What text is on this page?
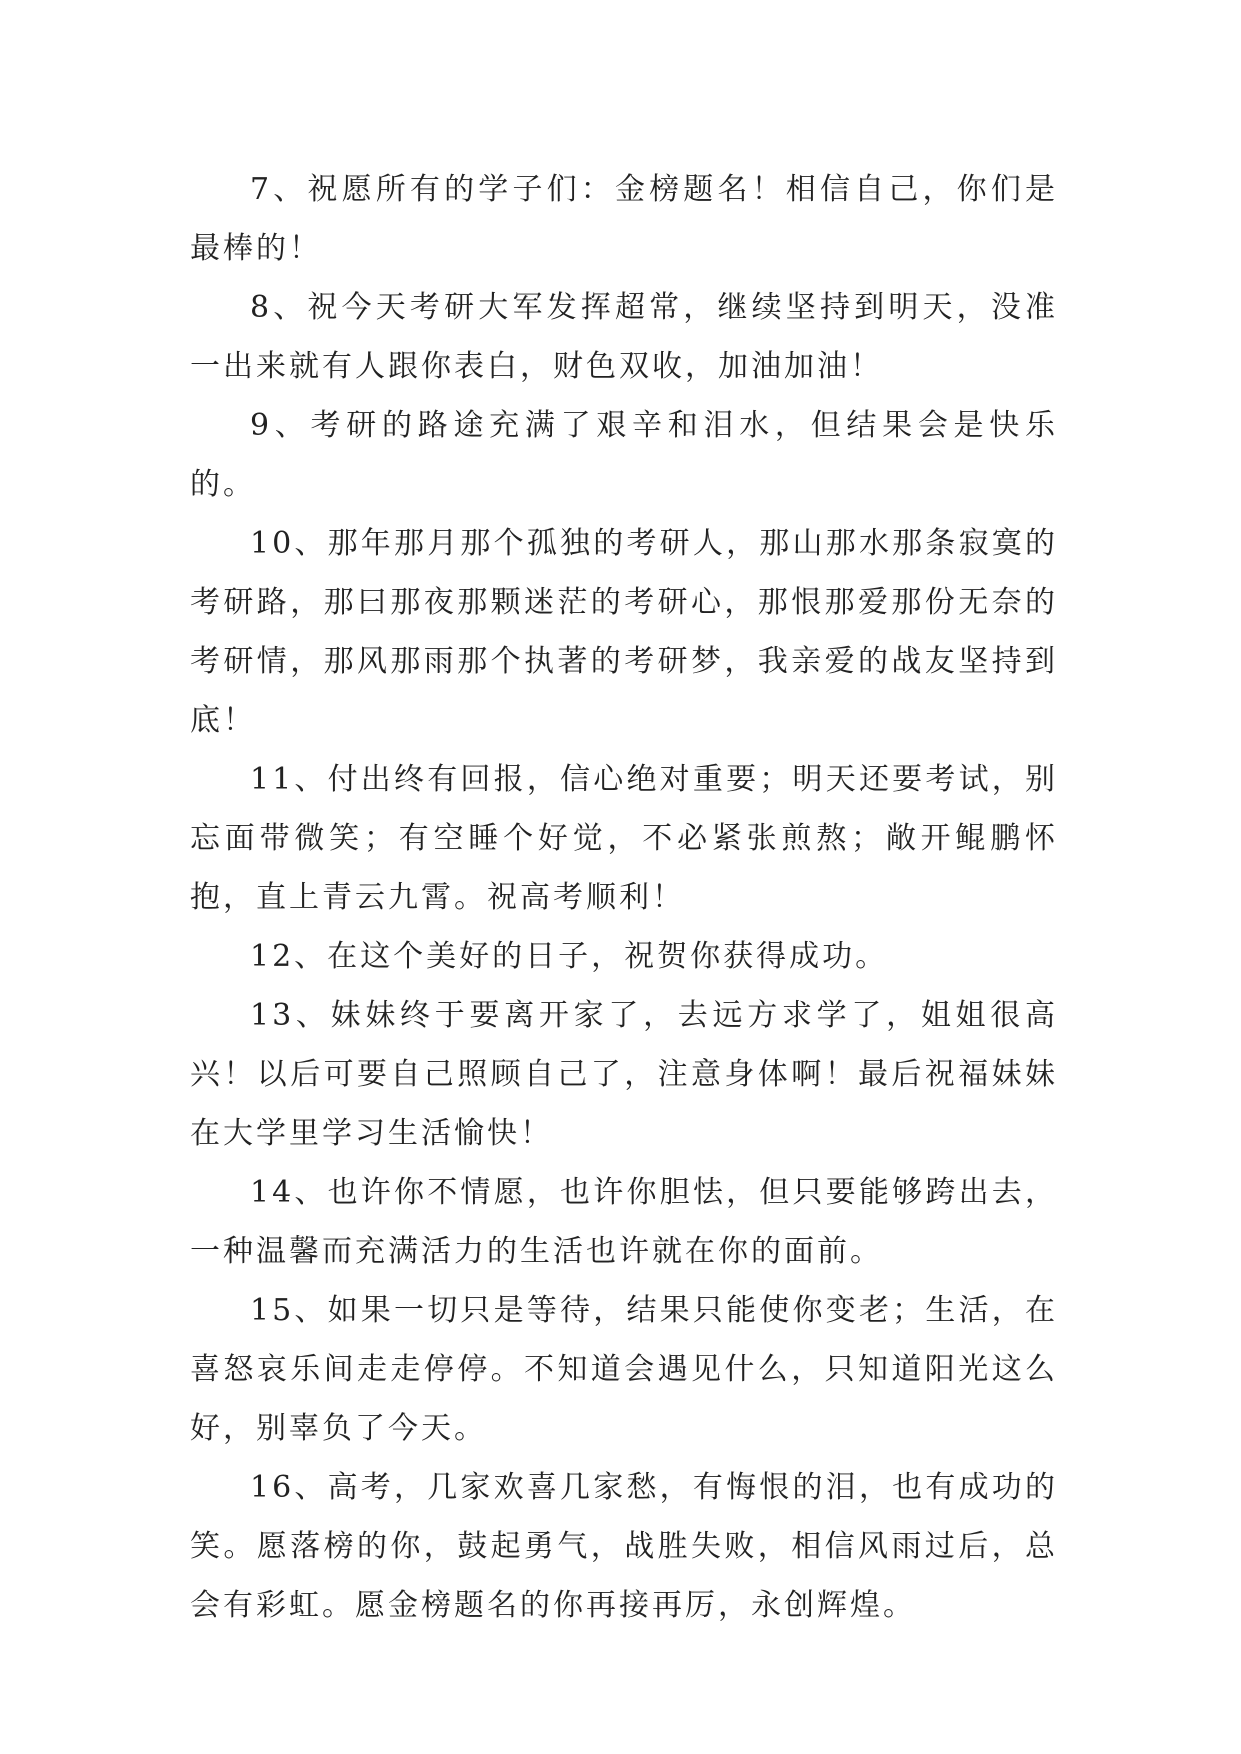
7、祝愿所有的学子们：金榜题名！相信自己，你们是最棒的！

8、祝今天考研大军发挥超常，继续坚持到明天，没准一出来就有人跟你表白，财色双收，加油加油！

9、考研的路途充满了艰辛和泪水，但结果会是快乐的。

10、那年那月那个孤独的考研人，那山那水那条寂寞的考研路，那曰那夜那颗迷茫的考研心，那恨那爱那份无奈的考研情，那风那雨那个执著的考研梦，我亲爱的战友坚持到底！

11、付出终有回报，信心绝对重要；明天还要考试，别忘面带微笑；有空睡个好觉，不必紧张煎熬；敞开鲲鹏怀抱，直上青云九霄。祝高考顺利！

12、在这个美好的日子，祝贺你获得成功。

13、妹妹终于要离开家了，去远方求学了，姐姐很高兴！以后可要自己照顾自己了，注意身体啊！最后祝福妹妹在大学里学习生活愉快！

14、也许你不情愿，也许你胆怯，但只要能够跨出去，一种温馨而充满活力的生活也许就在你的面前。

15、如果一切只是等待，结果只能使你变老；生活，在喜怒哀乐间走走停停。不知道会遇见什么，只知道阳光这么好，别辜负了今天。

16、高考，几家欢喜几家愁，有悔恨的泪，也有成功的笑。愿落榜的你，鼓起勇气，战胜失败，相信风雨过后，总会有彩虹。愿金榜题名的你再接再厉，永创辉煌。
